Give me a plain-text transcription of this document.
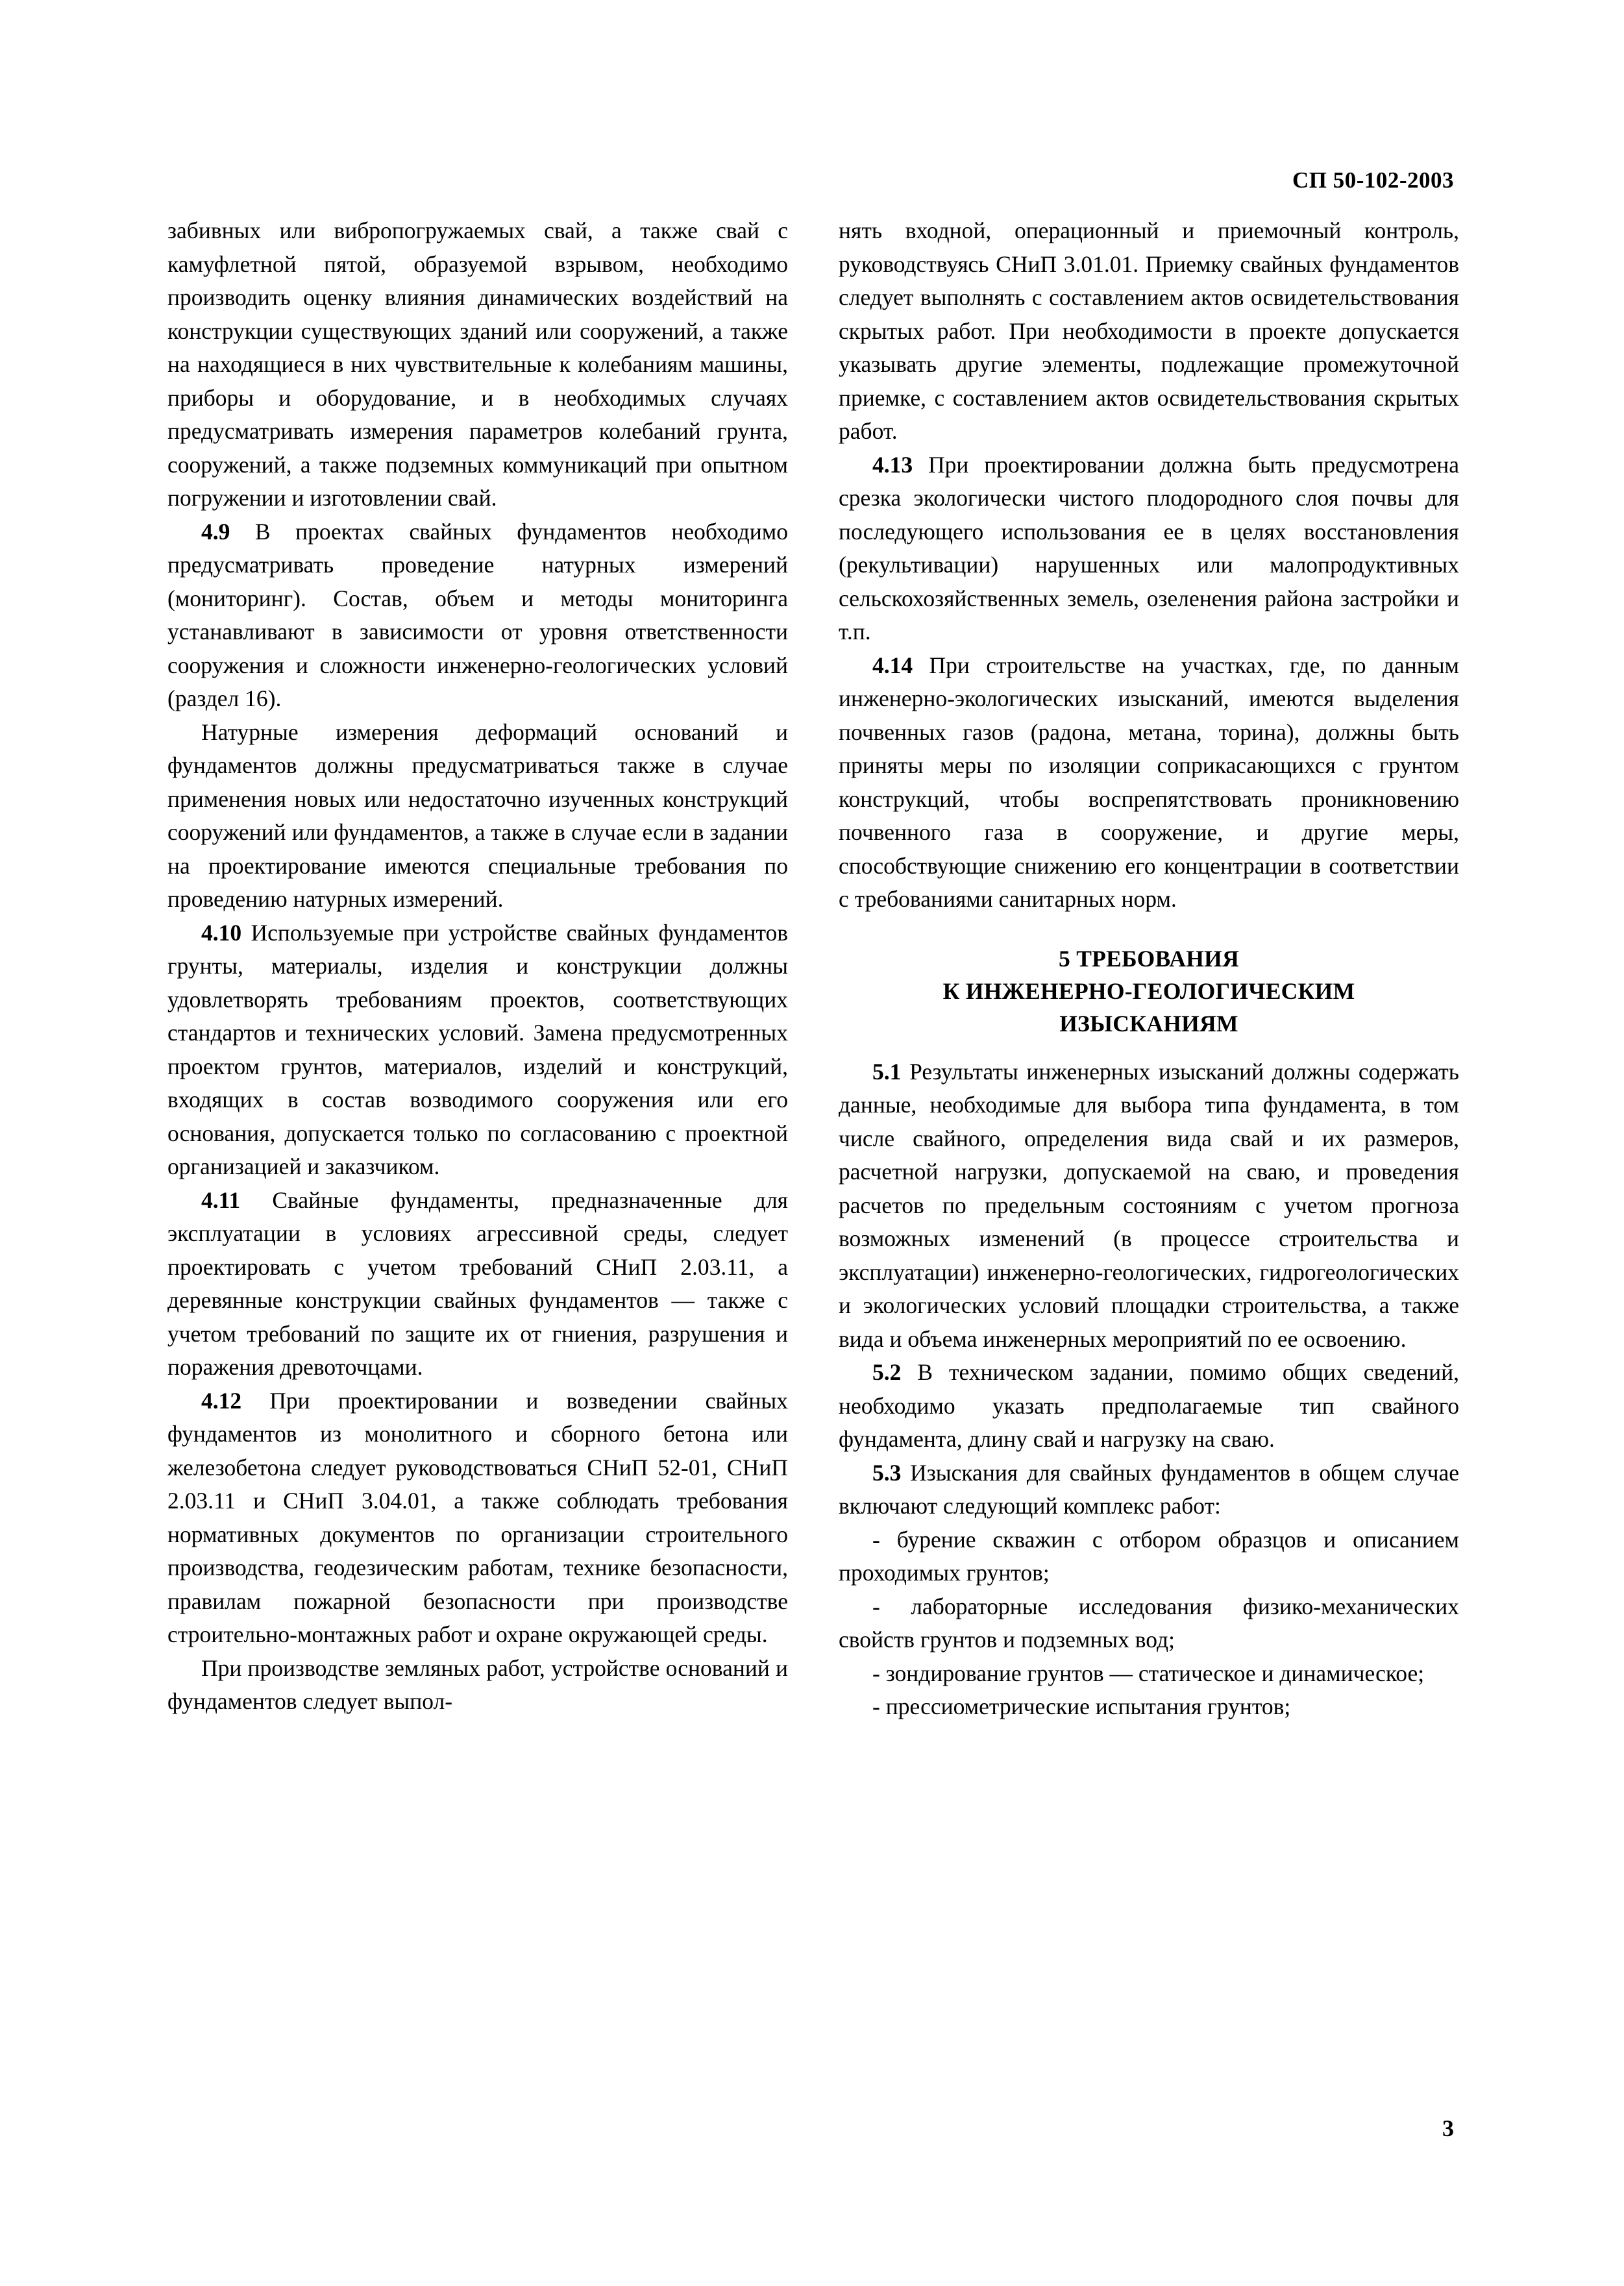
СП 50-102-2003

забивных или вибропогружаемых свай, а также свай с камуфлетной пятой, образуемой взрывом, необходимо производить оценку влияния динамических воздействий на конструкции существующих зданий или сооружений, а также на находящиеся в них чувствительные к колебаниям машины, приборы и оборудование, и в необходимых случаях предусматривать измерения параметров колебаний грунта, сооружений, а также подземных коммуникаций при опытном погружении и изготовлении свай.

4.9 В проектах свайных фундаментов необходимо предусматривать проведение натурных измерений (мониторинг). Состав, объем и методы мониторинга устанавливают в зависимости от уровня ответственности сооружения и сложности инженерно-геологических условий (раздел 16).

Натурные измерения деформаций оснований и фундаментов должны предусматриваться также в случае применения новых или недостаточно изученных конструкций сооружений или фундаментов, а также в случае если в задании на проектирование имеются специальные требования по проведению натурных измерений.

4.10 Используемые при устройстве свайных фундаментов грунты, материалы, изделия и конструкции должны удовлетворять требованиям проектов, соответствующих стандартов и технических условий. Замена предусмотренных проектом грунтов, материалов, изделий и конструкций, входящих в состав возводимого сооружения или его основания, допускается только по согласованию с проектной организацией и заказчиком.

4.11 Свайные фундаменты, предназначенные для эксплуатации в условиях агрессивной среды, следует проектировать с учетом требований СНиП 2.03.11, а деревянные конструкции свайных фундаментов — также с учетом требований по защите их от гниения, разрушения и поражения древоточцами.

4.12 При проектировании и возведении свайных фундаментов из монолитного и сборного бетона или железобетона следует руководствоваться СНиП 52-01, СНиП 2.03.11 и СНиП 3.04.01, а также соблюдать требования нормативных документов по организации строительного производства, геодезическим работам, технике безопасности, правилам пожарной безопасности при производстве строительно-монтажных работ и охране окружающей среды.

При производстве земляных работ, устройстве оснований и фундаментов следует выпол-

нять входной, операционный и приемочный контроль, руководствуясь СНиП 3.01.01. Приемку свайных фундаментов следует выполнять с составлением актов освидетельствования скрытых работ. При необходимости в проекте допускается указывать другие элементы, подлежащие промежуточной приемке, с составлением актов освидетельствования скрытых работ.

4.13 При проектировании должна быть предусмотрена срезка экологически чистого плодородного слоя почвы для последующего использования ее в целях восстановления (рекультивации) нарушенных или малопродуктивных сельскохозяйственных земель, озеленения района застройки и т.п.

4.14 При строительстве на участках, где, по данным инженерно-экологических изысканий, имеются выделения почвенных газов (радона, метана, торина), должны быть приняты меры по изоляции соприкасающихся с грунтом конструкций, чтобы воспрепятствовать проникновению почвенного газа в сооружение, и другие меры, способствующие снижению его концентрации в соответствии с требованиями санитарных норм.

5 ТРЕБОВАНИЯ
К ИНЖЕНЕРНО-ГЕОЛОГИЧЕСКИМ
ИЗЫСКАНИЯМ

5.1 Результаты инженерных изысканий должны содержать данные, необходимые для выбора типа фундамента, в том числе свайного, определения вида свай и их размеров, расчетной нагрузки, допускаемой на сваю, и проведения расчетов по предельным состояниям с учетом прогноза возможных изменений (в процессе строительства и эксплуатации) инженерно-геологических, гидрогеологических и экологических условий площадки строительства, а также вида и объема инженерных мероприятий по ее освоению.

5.2 В техническом задании, помимо общих сведений, необходимо указать предполагаемые тип свайного фундамента, длину свай и нагрузку на сваю.

5.3 Изыскания для свайных фундаментов в общем случае включают следующий комплекс работ:

- бурение скважин с отбором образцов и описанием проходимых грунтов;

- лабораторные исследования физико-механических свойств грунтов и подземных вод;

- зондирование грунтов — статическое и динамическое;

- прессиометрические испытания грунтов;

3
